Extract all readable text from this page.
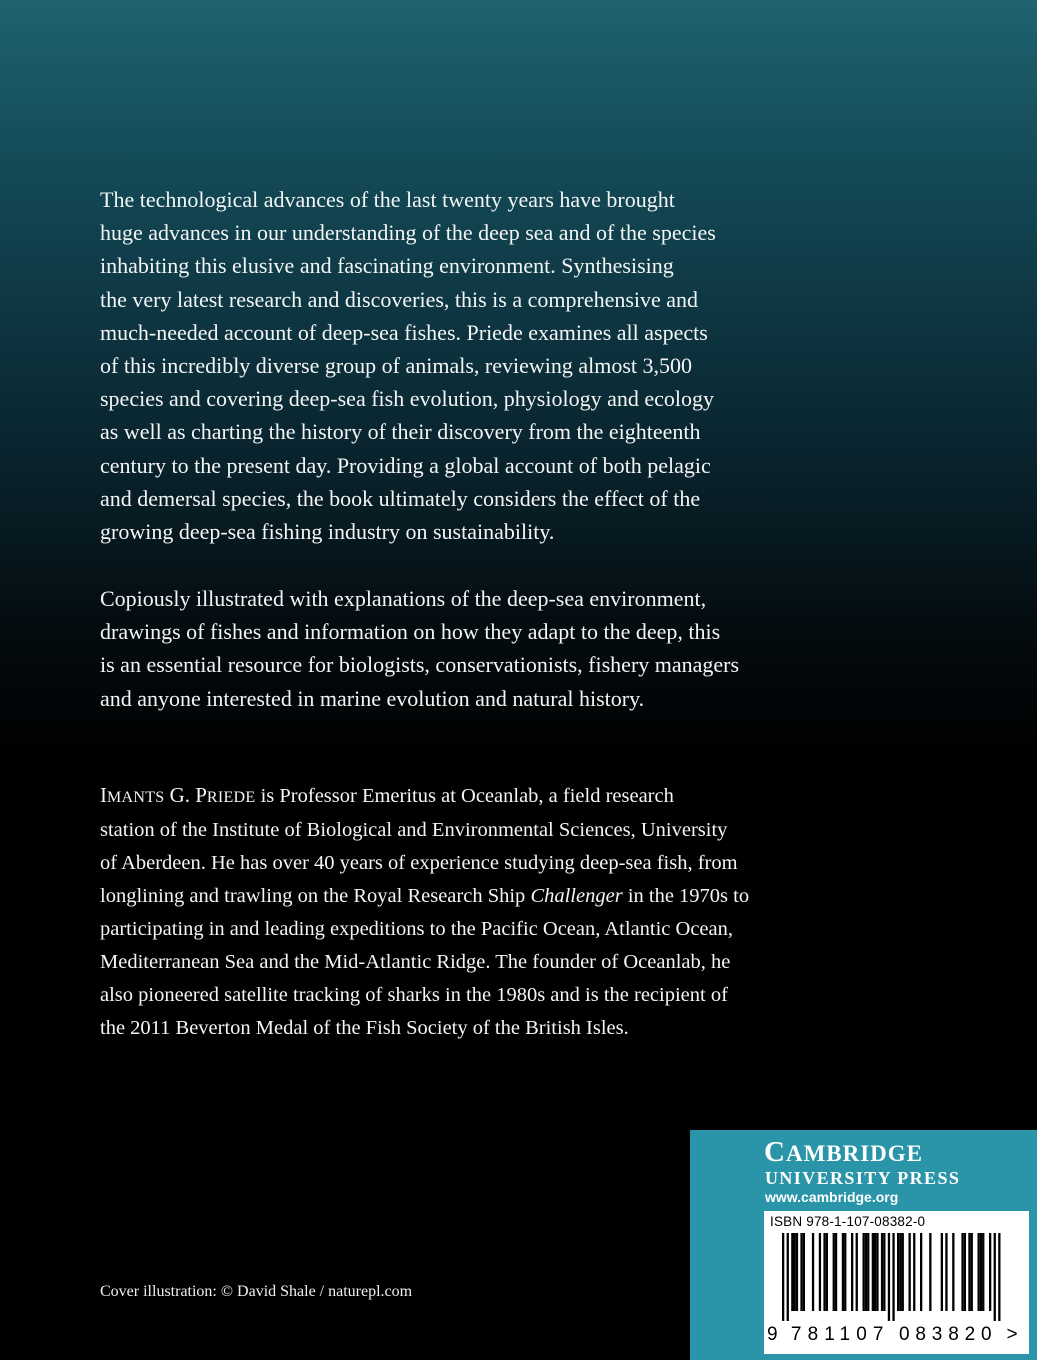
The technological advances of the last twenty years have brought
huge advances in our understanding of the deep sea and of the species
inhabiting this elusive and fascinating environment. Synthesising
the very latest research and discoveries, this is a comprehensive and
much-needed account of deep-sea fishes. Priede examines all aspects
of this incredibly diverse group of animals, reviewing almost 3,500
species and covering deep-sea fish evolution, physiology and ecology
as well as charting the history of their discovery from the eighteenth
century to the present day. Providing a global account of both pelagic
and demersal species, the book ultimately considers the effect of the
growing deep-sea fishing industry on sustainability.
Copiously illustrated with explanations of the deep-sea environment,
drawings of fishes and information on how they adapt to the deep, this
is an essential resource for biologists, conservationists, fishery managers
and anyone interested in marine evolution and natural history.
IMANTS G. PRIEDE is Professor Emeritus at Oceanlab, a field research
station of the Institute of Biological and Environmental Sciences, University
of Aberdeen. He has over 40 years of experience studying deep-sea fish, from
longlining and trawling on the Royal Research Ship Challenger in the 1970s to
participating in and leading expeditions to the Pacific Ocean, Atlantic Ocean,
Mediterranean Sea and the Mid-Atlantic Ridge. The founder of Oceanlab, he
also pioneered satellite tracking of sharks in the 1980s and is the recipient of
the 2011 Beverton Medal of the Fish Society of the British Isles.
Cover illustration: © David Shale / naturepl.com
CAMBRIDGE
UNIVERSITY PRESS
www.cambridge.org
ISBN 978-1-107-08382-0
9 781107 083820 >
